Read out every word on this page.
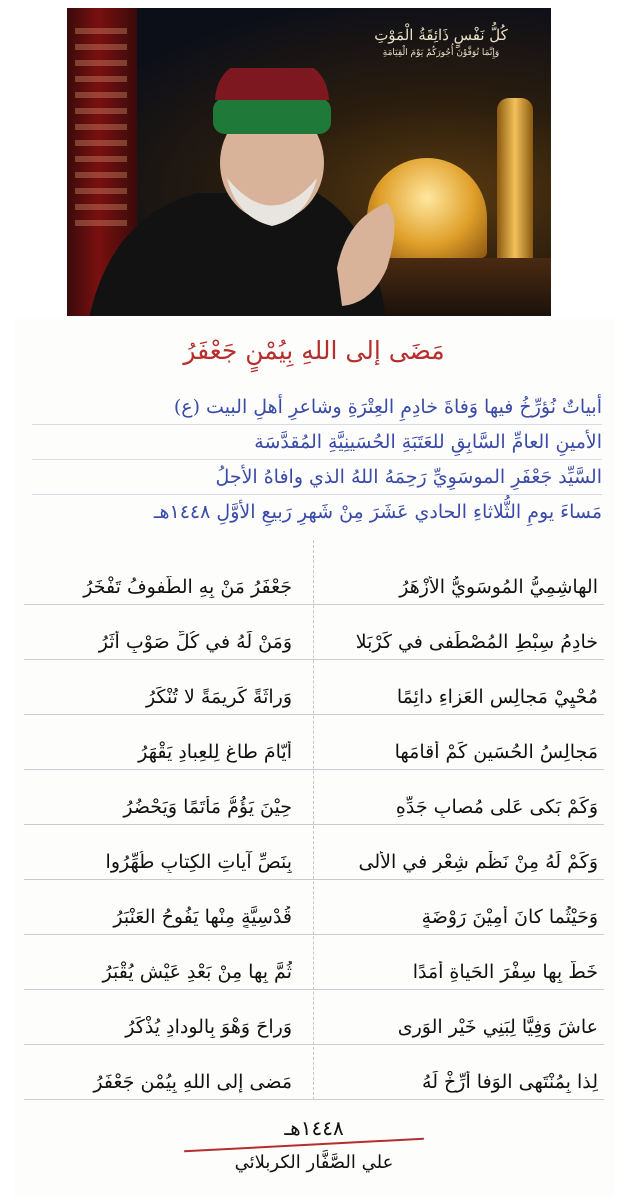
كُلُّ نَفْسٍ ذَائِقَةُ الْمَوْتِ
وَإِنَّمَا تُوَفَّوْنَ أُجُورَكُمْ يَوْمَ الْقِيَامَةِ
مَضَى إلى اللهِ بِيُمْنٍ جَعْفَرُ
أبياتٌ نُؤرِّخُ فيها وَفاةَ خادِمِ العِتْرَةِ وشاعرِ أهلِ البيت (ع)
الأمينِ العامِّ السَّابِقِ للعَتَبَةِ الحُسَينِيَّةِ المُقدَّسَة
السَّيِّد جَعْفَرِ الموسَوِيِّ رَحِمَهُ اللهُ الذي وافاهُ الأجلُ
مَساءَ يومِ الثُّلاثاءِ الحادي عَشَرَ مِنْ شَهرِ رَبيعِ الأوَّلِ ١٤٤٨هـ
الهاشِمِيُّ المُوسَوِيُّ الأزْهَرُ
جَعْفَرُ مَنْ بِهِ الطُّفوفُ تَفْخَرُ
خادِمُ سِبْطِ المُصْطَفى في كَرْبَلا
وَمَنْ لَهُ في كُلِّ صَوْبٍ أثَرُ
مُحْيِيْ مَجالِسِ العَزاءِ دائِمًا
وَراثَةً كَريمَةً لا تُنْكَرُ
مَجالِسُ الحُسَينِ كَمْ أقامَها
أيّامَ طاغٍ لِلعِبادِ يَقْهَرُ
وَكَمْ بَكى عَلى مُصابِ جَدِّهِ
حِيْنَ يَؤُمُّ مَأْتَمًا وَيَحْضُرُ
وَكَمْ لَهُ مِنْ نَظْمِ شِعْرٍ في الأُلى
بِنَصِّ آياتِ الكِتابِ طُهِّرُوا
وَحَيْثُما كانَ أمِيْنَ رَوْضَةٍ
قُدْسِيَّةٍ مِنْها يَفُوحُ العَنْبَرُ
خَطَّ بِها سِفْرَ الحَياةِ أمَدًا
ثُمَّ بِها مِنْ بَعْدِ عَيْشٍ يُقْبَرُ
عاشَ وَفِيًّا لِبَنِي خَيْرِ الوَرى
وَراحَ وَهْوَ بِالوِدادِ يُذْكَرُ
لِذا بِمُنْتَهى الوَفا أرِّخْ لَهُ
مَضى إلى اللهِ بِيُمْنٍ جَعْفَرُ
١٤٤٨هـ
علي الصَّفَّار الكربلائي
